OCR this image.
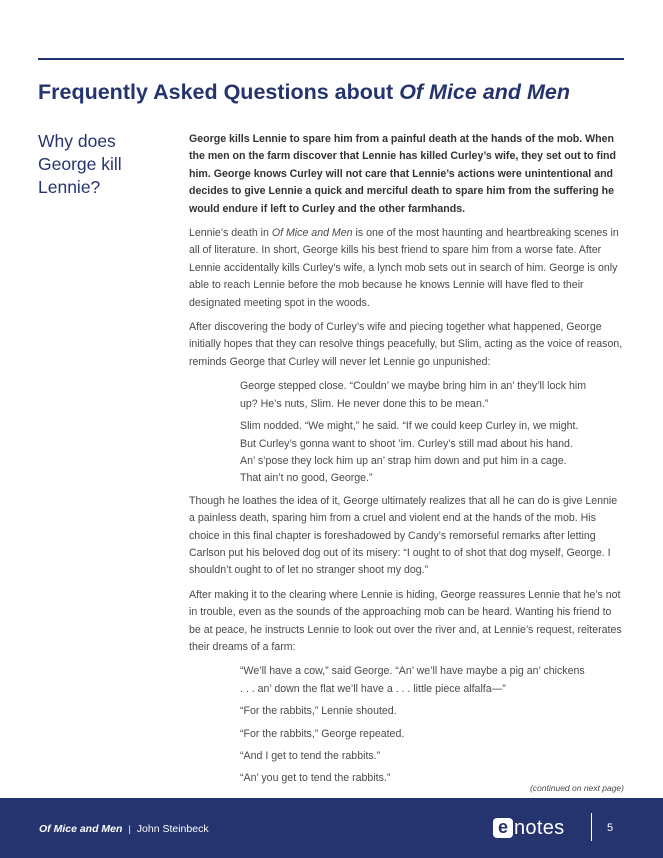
Frequently Asked Questions about Of Mice and Men
Why does George kill Lennie?

George kills Lennie to spare him from a painful death at the hands of the mob. When the men on the farm discover that Lennie has killed Curley’s wife, they set out to find him. George knows Curley will not care that Lennie’s actions were unintentional and decides to give Lennie a quick and merciful death to spare him from the suffering he would endure if left to Curley and the other farmhands.

Lennie’s death in Of Mice and Men is one of the most haunting and heartbreaking scenes in all of literature. In short, George kills his best friend to spare him from a worse fate. After Lennie accidentally kills Curley’s wife, a lynch mob sets out in search of him. George is only able to reach Lennie before the mob because he knows Lennie will have fled to their designated meeting spot in the woods.

After discovering the body of Curley’s wife and piecing together what happened, George initially hopes that they can resolve things peacefully, but Slim, acting as the voice of reason, reminds George that Curley will never let Lennie go unpunished:

George stepped close. “Couldn’ we maybe bring him in an’ they’ll lock him up? He’s nuts, Slim. He never done this to be mean.”

Slim nodded. “We might,” he said. “If we could keep Curley in, we might. But Curley’s gonna want to shoot ’im. Curley’s still mad about his hand. An’ s’pose they lock him up an’ strap him down and put him in a cage. That ain’t no good, George.”

Though he loathes the idea of it, George ultimately realizes that all he can do is give Lennie a painless death, sparing him from a cruel and violent end at the hands of the mob. His choice in this final chapter is foreshadowed by Candy’s remorseful remarks after letting Carlson put his beloved dog out of its misery: “I ought to of shot that dog myself, George. I shouldn’t ought to of let no stranger shoot my dog.”

After making it to the clearing where Lennie is hiding, George reassures Lennie that he’s not in trouble, even as the sounds of the approaching mob can be heard. Wanting his friend to be at peace, he instructs Lennie to look out over the river and, at Lennie’s request, reiterates their dreams of a farm:

“We’ll have a cow,” said George. “An’ we’ll have maybe a pig an’ chickens . . . an’ down the flat we’ll have a . . . little piece alfalfa—”

“For the rabbits,” Lennie shouted.

“For the rabbits,” George repeated.

“And I get to tend the rabbits.”

“An’ you get to tend the rabbits.”

(continued on next page)
Of Mice and Men | John Steinbeck	e notes	5
